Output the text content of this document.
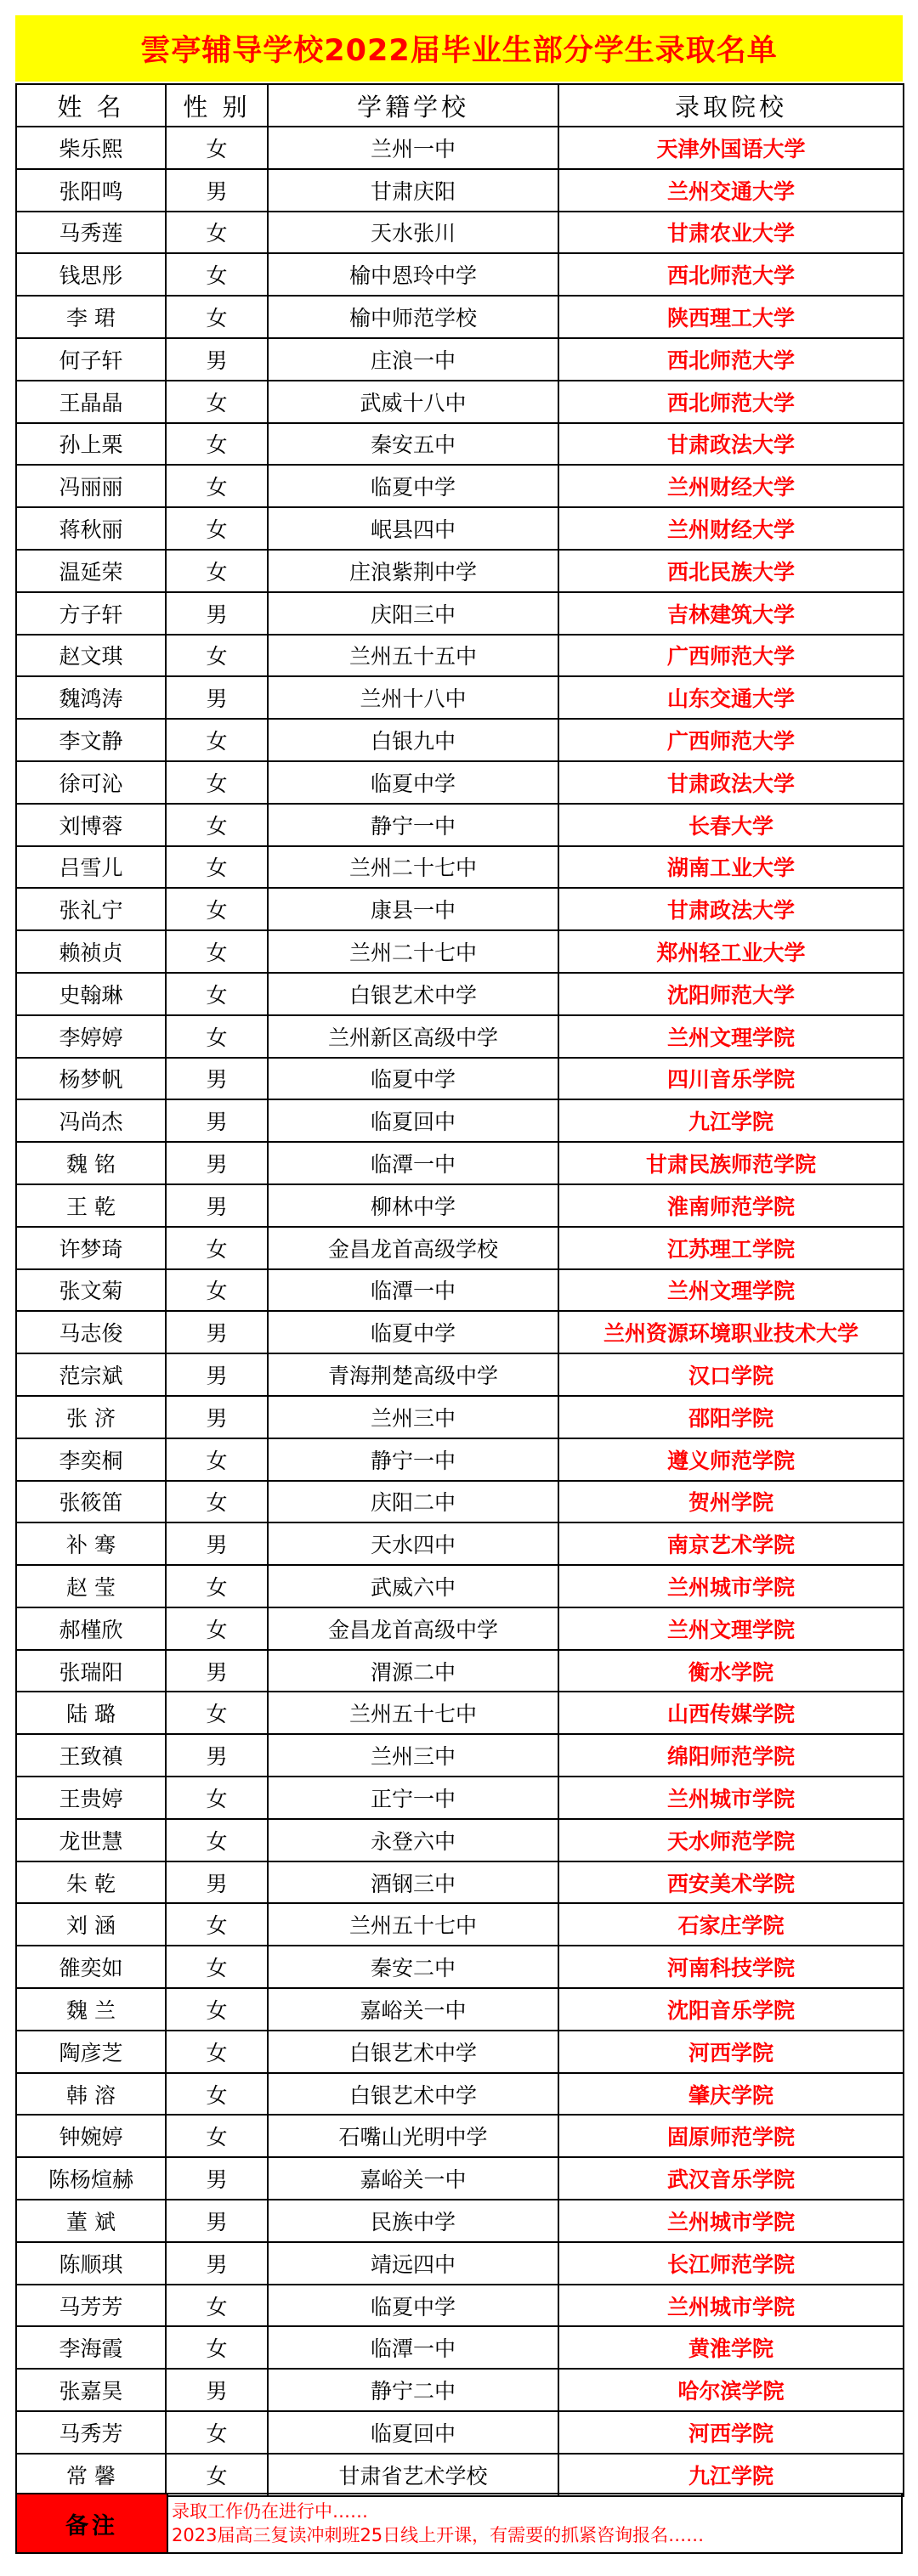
雲亭辅导学校2022届毕业生部分学生录取名单
姓 名	性 别	学籍学校	录取院校
柴乐熙	女	兰州一中	天津外国语大学
张阳鸣	男	甘肃庆阳	兰州交通大学
马秀莲	女	天水张川	甘肃农业大学
钱思彤	女	榆中恩玲中学	西北师范大学
李 珺	女	榆中师范学校	陕西理工大学
何子轩	男	庄浪一中	西北师范大学
王晶晶	女	武威十八中	西北师范大学
孙上栗	女	秦安五中	甘肃政法大学
冯丽丽	女	临夏中学	兰州财经大学
蒋秋丽	女	岷县四中	兰州财经大学
温延荣	女	庄浪紫荆中学	西北民族大学
方子轩	男	庆阳三中	吉林建筑大学
赵文琪	女	兰州五十五中	广西师范大学
魏鸿涛	男	兰州十八中	山东交通大学
李文静	女	白银九中	广西师范大学
徐可沁	女	临夏中学	甘肃政法大学
刘博蓉	女	静宁一中	长春大学
吕雪儿	女	兰州二十七中	湖南工业大学
张礼宁	女	康县一中	甘肃政法大学
赖祯贞	女	兰州二十七中	郑州轻工业大学
史翰琳	女	白银艺术中学	沈阳师范大学
李婷婷	女	兰州新区高级中学	兰州文理学院
杨梦帆	男	临夏中学	四川音乐学院
冯尚杰	男	临夏回中	九江学院
魏 铭	男	临潭一中	甘肃民族师范学院
王 乾	男	柳林中学	淮南师范学院
许梦琦	女	金昌龙首高级学校	江苏理工学院
张文菊	女	临潭一中	兰州文理学院
马志俊	男	临夏中学	兰州资源环境职业技术大学
范宗斌	男	青海荆楚高级中学	汉口学院
张 济	男	兰州三中	邵阳学院
李奕桐	女	静宁一中	遵义师范学院
张筱笛	女	庆阳二中	贺州学院
补 骞	男	天水四中	南京艺术学院
赵 莹	女	武威六中	兰州城市学院
郝槿欣	女	金昌龙首高级中学	兰州文理学院
张瑞阳	男	渭源二中	衡水学院
陆 璐	女	兰州五十七中	山西传媒学院
王致禛	男	兰州三中	绵阳师范学院
王贵婷	女	正宁一中	兰州城市学院
龙世慧	女	永登六中	天水师范学院
朱 乾	男	酒钢三中	西安美术学院
刘 涵	女	兰州五十七中	石家庄学院
雒奕如	女	秦安二中	河南科技学院
魏 兰	女	嘉峪关一中	沈阳音乐学院
陶彦芝	女	白银艺术中学	河西学院
韩 溶	女	白银艺术中学	肇庆学院
钟婉婷	女	石嘴山光明中学	固原师范学院
陈杨煊赫	男	嘉峪关一中	武汉音乐学院
董 斌	男	民族中学	兰州城市学院
陈顺琪	男	靖远四中	长江师范学院
马芳芳	女	临夏中学	兰州城市学院
李海霞	女	临潭一中	黄淮学院
张嘉昊	男	静宁二中	哈尔滨学院
马秀芳	女	临夏回中	河西学院
常 馨	女	甘肃省艺术学校	九江学院
备注
录取工作仍在进行中……
2023届高三复读冲刺班25日线上开课，有需要的抓紧咨询报名……
